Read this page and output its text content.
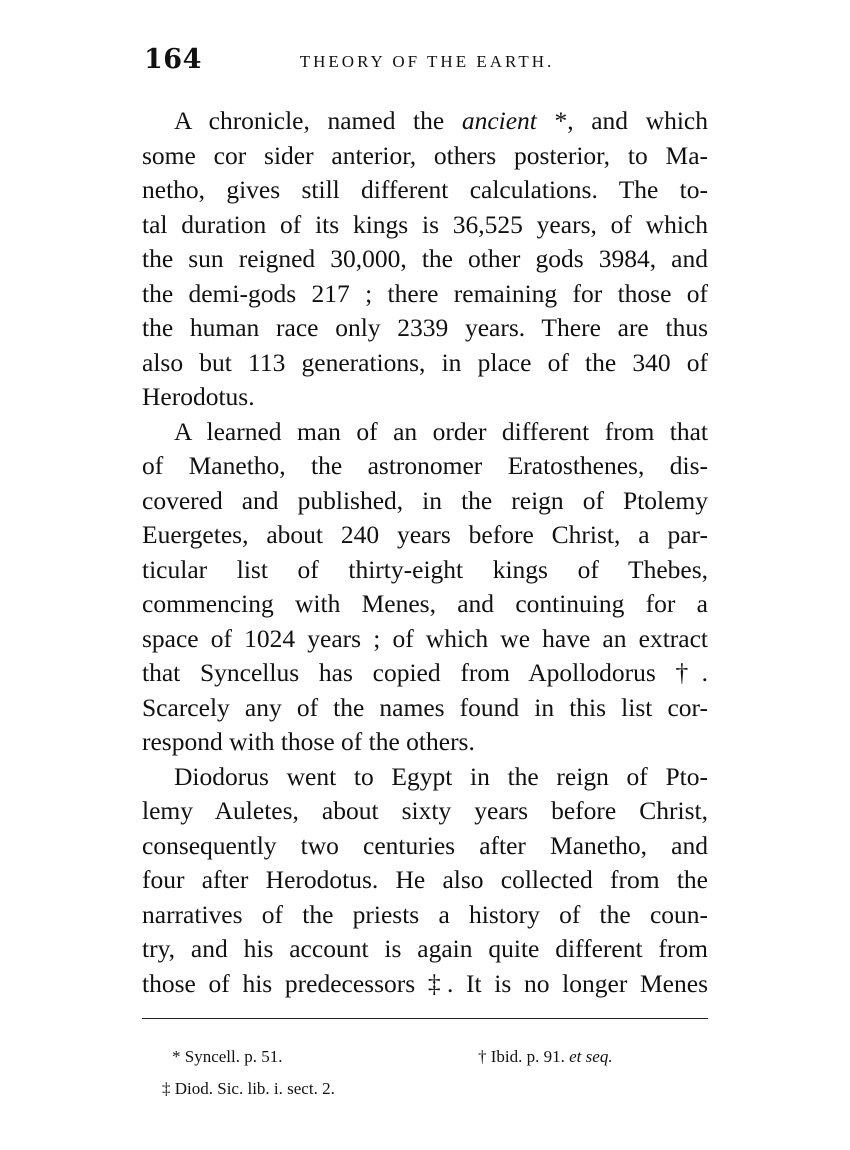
164	THEORY OF THE EARTH.

A chronicle, named the ancient *, and which
some cor sider anterior, others posterior, to Ma-
netho, gives still different calculations. The to-
tal duration of its kings is 36,525 years, of which
the sun reigned 30,000, the other gods 3984, and
the demi-gods 217 ; there remaining for those of
the human race only 2339 years. There are thus
also but 113 generations, in place of the 340 of
Herodotus.

A learned man of an order different from that
of Manetho, the astronomer Eratosthenes, dis-
covered and published, in the reign of Ptolemy
Euergetes, about 240 years before Christ, a par-
ticular list of thirty-eight kings of Thebes,
commencing with Menes, and continuing for a
space of 1024 years ; of which we have an extract
that Syncellus has copied from Apollodorus †.
Scarcely any of the names found in this list cor-
respond with those of the others.

Diodorus went to Egypt in the reign of Pto-
lemy Auletes, about sixty years before Christ,
consequently two centuries after Manetho, and
four after Herodotus. He also collected from the
narratives of the priests a history of the coun-
try, and his account is again quite different from
those of his predecessors ‡. It is no longer Menes

* Syncell. p. 51.	† Ibid. p. 91. et seq.
‡ Diod. Sic. lib. i. sect. 2.
